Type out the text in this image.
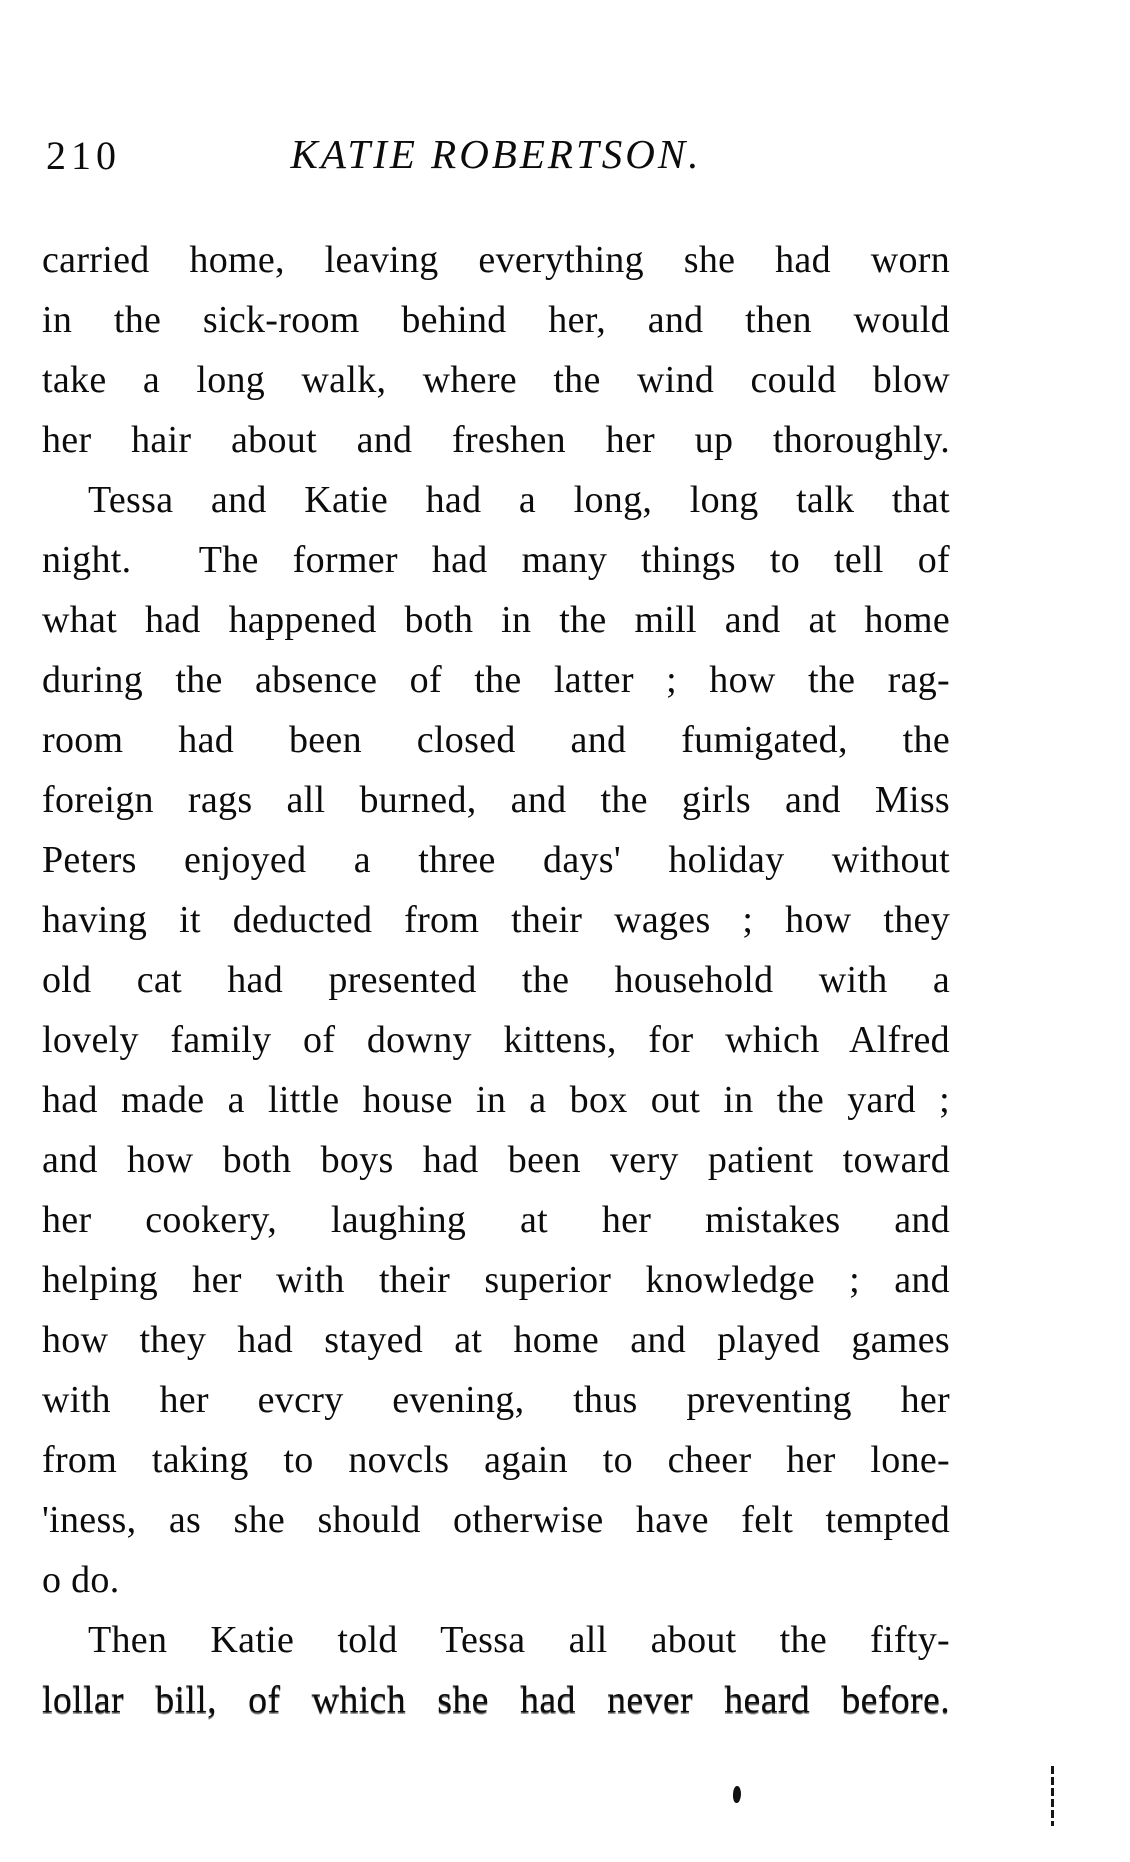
210	KATIE ROBERTSON.

carried home, leaving everything she had worn

in the sick-room behind her, and then would

take a long walk, where the wind could blow

her hair about and freshen her up thoroughly.

Tessa and Katie had a long, long talk that

night.  The former had many things to tell of

what had happened both in the mill and at home

during the absence of the latter ; how the rag-

room had been closed and fumigated, the

foreign rags all burned, and the girls and Miss

Peters enjoyed a three days' holiday without

having it deducted from their wages ; how they

old cat had presented the household with a

lovely family of downy kittens, for which Alfred

had made a little house in a box out in the yard ;

and how both boys had been very patient toward

her cookery, laughing at her mistakes and

helping her with their superior knowledge ; and

how they had stayed at home and played games

with her evcry evening, thus preventing her

from taking to novcls again to cheer her lone-

'iness, as she should otherwise have felt tempted

o do.

Then Katie told Tessa all about the fifty-

lollar bill, of which she had never heard before.
